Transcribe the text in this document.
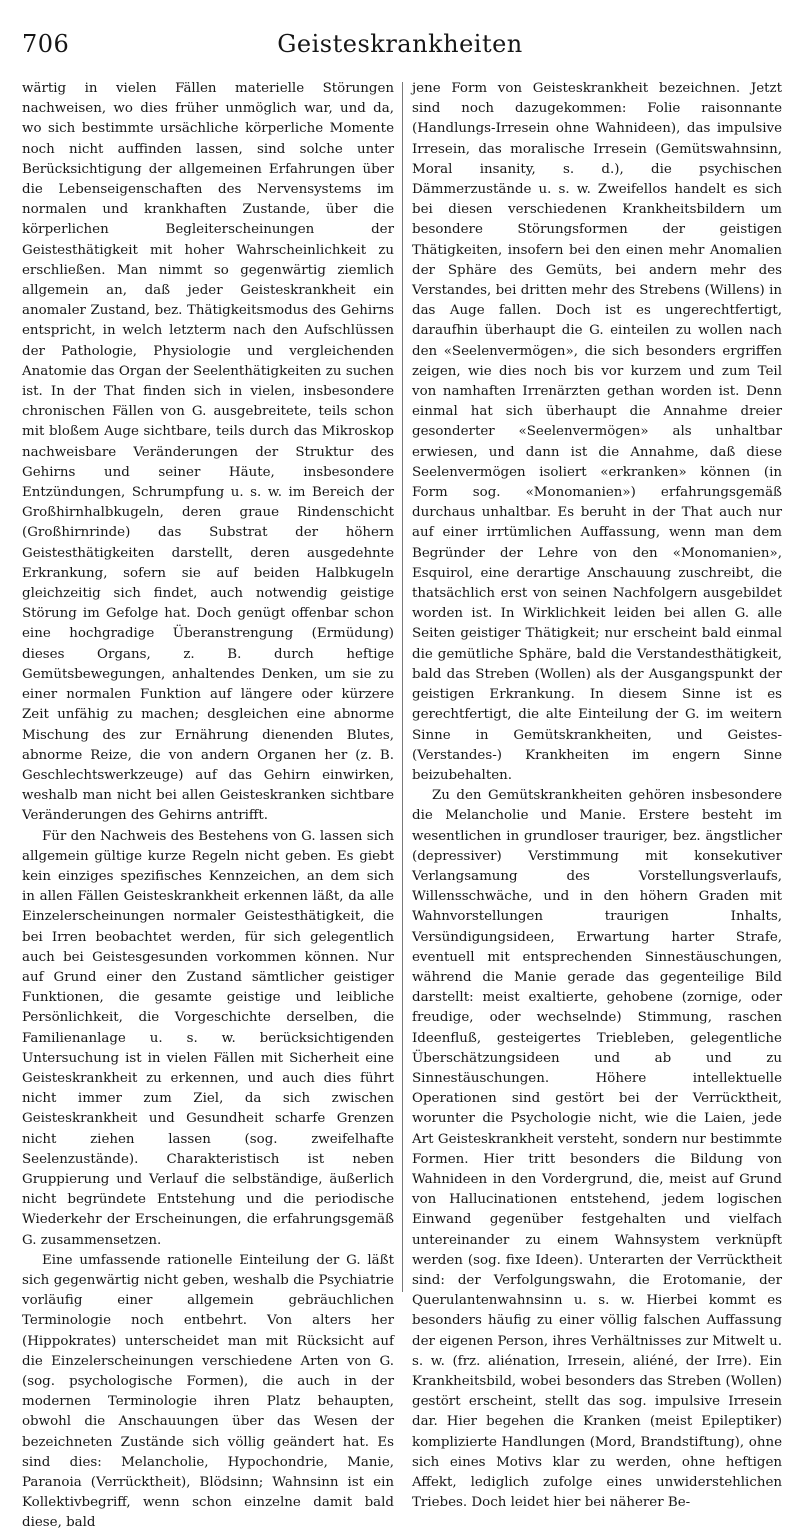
706	Geisteskrankheiten

wärtig in vielen Fällen materielle Störungen nachweisen, wo dies früher unmöglich war, und da, wo sich bestimmte ursächliche körperliche Momente noch nicht auffinden lassen, sind solche unter Berücksichtigung der allgemeinen Erfahrungen über die Lebenseigenschaften des Nervensystems im normalen und krankhaften Zustande, über die körperlichen Begleiterscheinungen der Geistesthätigkeit mit hoher Wahrscheinlichkeit zu erschließen. Man nimmt so gegenwärtig ziemlich allgemein an, daß jeder Geisteskrankheit ein anomaler Zustand, bez. Thätigkeitsmodus des Gehirns entspricht, in welch letzterm nach den Aufschlüssen der Pathologie, Physiologie und vergleichenden Anatomie das Organ der Seelenthätigkeiten zu suchen ist. In der That finden sich in vielen, insbesondere chronischen Fällen von G. ausgebreitete, teils schon mit bloßem Auge sichtbare, teils durch das Mikroskop nachweisbare Veränderungen der Struktur des Gehirns und seiner Häute, insbesondere Entzündungen, Schrumpfung u. s. w. im Bereich der Großhirnhalbkugeln, deren graue Rindenschicht (Großhirnrinde) das Substrat der höhern Geistesthätigkeiten darstellt, deren ausgedehnte Erkrankung, sofern sie auf beiden Halbkugeln gleichzeitig sich findet, auch notwendig geistige Störung im Gefolge hat. Doch genügt offenbar schon eine hochgradige Überanstrengung (Ermüdung) dieses Organs, z. B. durch heftige Gemütsbewegungen, anhaltendes Denken, um sie zu einer normalen Funktion auf längere oder kürzere Zeit unfähig zu machen; desgleichen eine abnorme Mischung des zur Ernährung dienenden Blutes, abnorme Reize, die von andern Organen her (z. B. Geschlechtswerkzeuge) auf das Gehirn einwirken, weshalb man nicht bei allen Geisteskranken sichtbare Veränderungen des Gehirns antrifft.

Für den Nachweis des Bestehens von G. lassen sich allgemein gültige kurze Regeln nicht geben. Es giebt kein einziges spezifisches Kennzeichen, an dem sich in allen Fällen Geisteskrankheit erkennen läßt, da alle Einzelerscheinungen normaler Geistesthätigkeit, die bei Irren beobachtet werden, für sich gelegentlich auch bei Geistesgesunden vorkommen können. Nur auf Grund einer den Zustand sämtlicher geistiger Funktionen, die gesamte geistige und leibliche Persönlichkeit, die Vorgeschichte derselben, die Familienanlage u. s. w. berücksichtigenden Untersuchung ist in vielen Fällen mit Sicherheit eine Geisteskrankheit zu erkennen, und auch dies führt nicht immer zum Ziel, da sich zwischen Geisteskrankheit und Gesundheit scharfe Grenzen nicht ziehen lassen (sog. zweifelhafte Seelenzustände). Charakteristisch ist neben Gruppierung und Verlauf die selbständige, äußerlich nicht begründete Entstehung und die periodische Wiederkehr der Erscheinungen, die erfahrungsgemäß G. zusammensetzen.

Eine umfassende rationelle Einteilung der G. läßt sich gegenwärtig nicht geben, weshalb die Psychiatrie vorläufig einer allgemein gebräuchlichen Terminologie noch entbehrt. Von alters her (Hippokrates) unterscheidet man mit Rücksicht auf die Einzelerscheinungen verschiedene Arten von G. (sog. psychologische Formen), die auch in der modernen Terminologie ihren Platz behaupten, obwohl die Anschauungen über das Wesen der bezeichneten Zustände sich völlig geändert hat. Es sind dies: Melancholie, Hypochondrie, Manie, Paranoia (Verrücktheit), Blödsinn; Wahnsinn ist ein Kollektivbegriff, wenn schon einzelne damit bald diese, bald

jene Form von Geisteskrankheit bezeichnen. Jetzt sind noch dazugekommen: Folie raisonnante (Handlungs-Irresein ohne Wahnideen), das impulsive Irresein, das moralische Irresein (Gemütswahnsinn, Moral insanity, s. d.), die psychischen Dämmerzustände u. s. w. Zweifellos handelt es sich bei diesen verschiedenen Krankheitsbildern um besondere Störungsformen der geistigen Thätigkeiten, insofern bei den einen mehr Anomalien der Sphäre des Gemüts, bei andern mehr des Verstandes, bei dritten mehr des Strebens (Willens) in das Auge fallen. Doch ist es ungerechtfertigt, daraufhin überhaupt die G. einteilen zu wollen nach den «Seelenvermögen», die sich besonders ergriffen zeigen, wie dies noch bis vor kurzem und zum Teil von namhaften Irrenärzten gethan worden ist. Denn einmal hat sich überhaupt die Annahme dreier gesonderter «Seelenvermögen» als unhaltbar erwiesen, und dann ist die Annahme, daß diese Seelenvermögen isoliert «erkranken» können (in Form sog. «Monomanien») erfahrungsgemäß durchaus unhaltbar. Es beruht in der That auch nur auf einer irrtümlichen Auffassung, wenn man dem Begründer der Lehre von den «Monomanien», Esquirol, eine derartige Anschauung zuschreibt, die thatsächlich erst von seinen Nachfolgern ausgebildet worden ist. In Wirklichkeit leiden bei allen G. alle Seiten geistiger Thätigkeit; nur erscheint bald einmal die gemütliche Sphäre, bald die Verstandesthätigkeit, bald das Streben (Wollen) als der Ausgangspunkt der geistigen Erkrankung. In diesem Sinne ist es gerechtfertigt, die alte Einteilung der G. im weitern Sinne in Gemütskrankheiten, und Geistes- (Verstandes-) Krankheiten im engern Sinne beizubehalten.

Zu den Gemütskrankheiten gehören insbesondere die Melancholie und Manie. Erstere besteht im wesentlichen in grundloser trauriger, bez. ängstlicher (depressiver) Verstimmung mit konsekutiver Verlangsamung des Vorstellungsverlaufs, Willensschwäche, und in den höhern Graden mit Wahnvorstellungen traurigen Inhalts, Versündigungsideen, Erwartung harter Strafe, eventuell mit entsprechenden Sinnestäuschungen, während die Manie gerade das gegenteilige Bild darstellt: meist exaltierte, gehobene (zornige, oder freudige, oder wechselnde) Stimmung, raschen Ideenfluß, gesteigertes Triebleben, gelegentliche Überschätzungsideen und ab und zu Sinnestäuschungen. Höhere intellektuelle Operationen sind gestört bei der Verrücktheit, worunter die Psychologie nicht, wie die Laien, jede Art Geisteskrankheit versteht, sondern nur bestimmte Formen. Hier tritt besonders die Bildung von Wahnideen in den Vordergrund, die, meist auf Grund von Hallucinationen entstehend, jedem logischen Einwand gegenüber festgehalten und vielfach untereinander zu einem Wahnsystem verknüpft werden (sog. fixe Ideen). Unterarten der Verrücktheit sind: der Verfolgungswahn, die Erotomanie, der Querulantenwahnsinn u. s. w. Hierbei kommt es besonders häufig zu einer völlig falschen Auffassung der eigenen Person, ihres Verhältnisses zur Mitwelt u. s. w. (frz. aliénation, Irresein, aliéné, der Irre). Ein Krankheitsbild, wobei besonders das Streben (Wollen) gestört erscheint, stellt das sog. impulsive Irresein dar. Hier begehen die Kranken (meist Epileptiker) komplizierte Handlungen (Mord, Brandstiftung), ohne sich eines Motivs klar zu werden, ohne heftigen Affekt, lediglich zufolge eines unwiderstehlichen Triebes. Doch leidet hier bei näherer Be-
